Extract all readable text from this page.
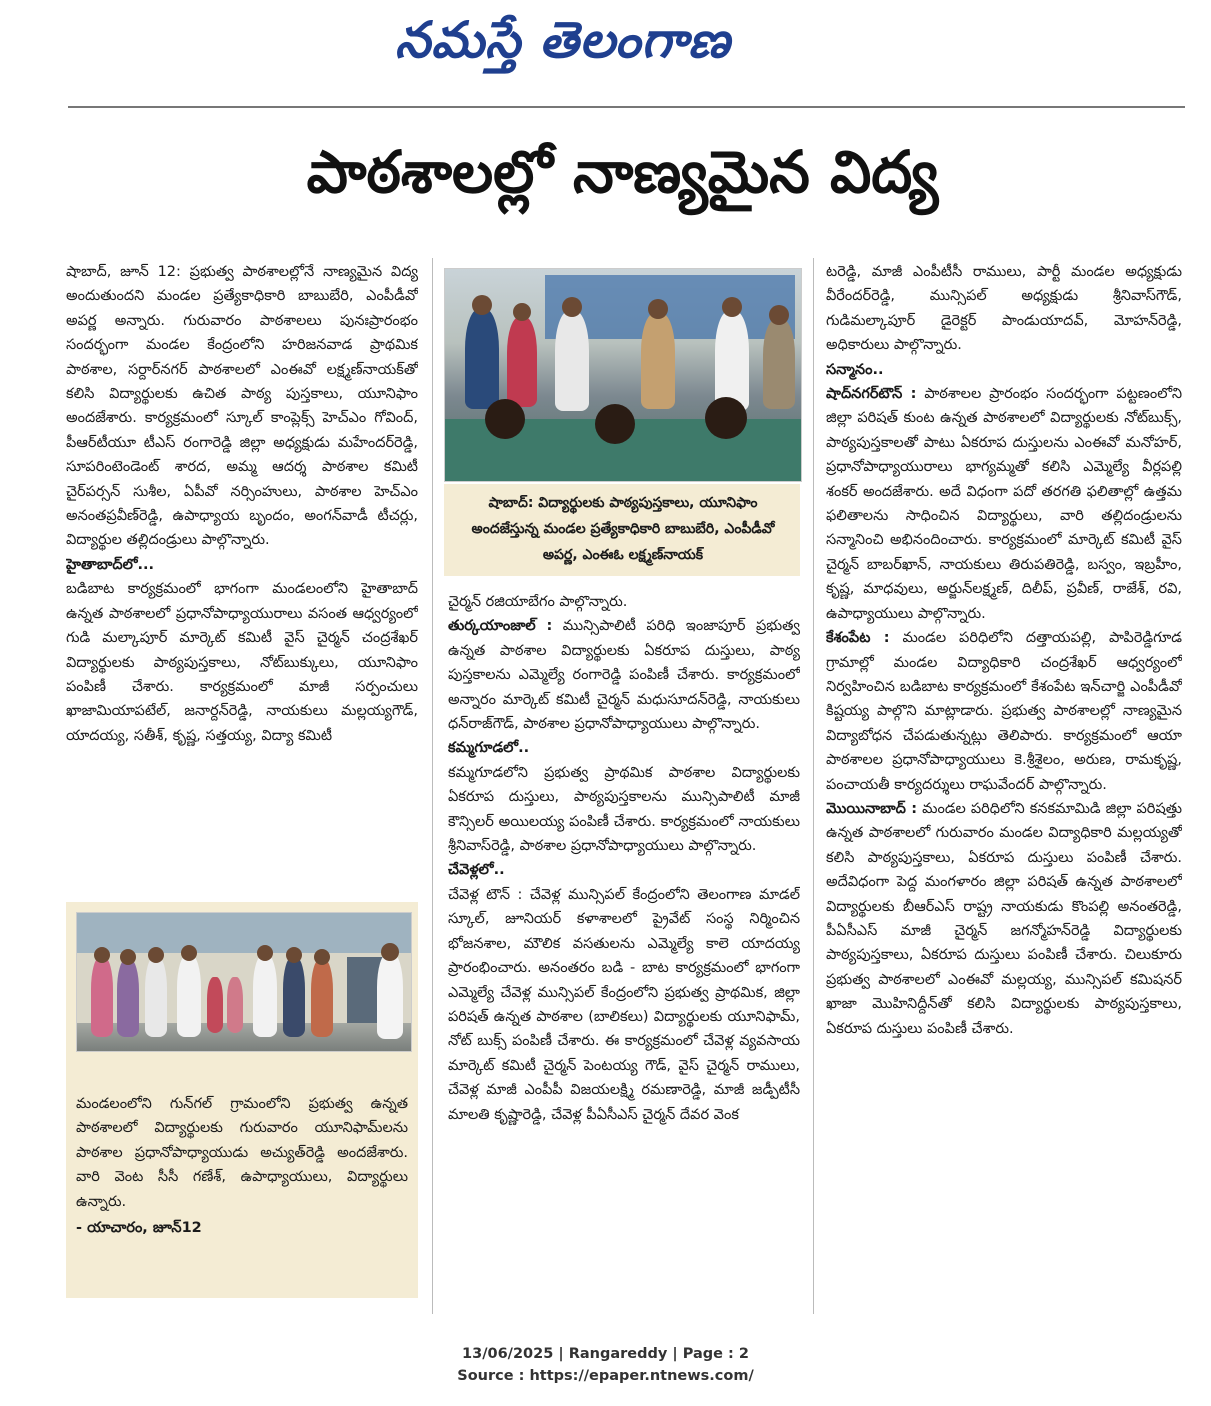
నమస్తే తెలంగాణ
పాఠశాలల్లో నాణ్యమైన విద్య

షాబాద్, జూన్ 12: ప్రభుత్వ పాఠశాలల్లోనే నాణ్యమైన విద్య అందుతుందని మండల ప్రత్యేకాధికారి బాబుబేరి, ఎంపీడీవో అపర్ణ అన్నారు. గురువారం పాఠశాలలు పునఃప్రారంభం సందర్భంగా మండల కేంద్రంలోని హరిజనవాడ ప్రాథమిక పాఠశాల, సర్దార్‌నగర్ పాఠశాలలో ఎంఈవో లక్ష్మణ్‌నాయక్‌తో కలిసి విద్యార్థులకు ఉచిత పాఠ్య పుస్తకాలు, యూనిఫాం అందజేశారు. కార్యక్రమంలో స్కూల్ కాంప్లెక్స్ హెచ్ఎం గోవింద్, పీఆర్‌టీయూ టీఎస్ రంగారెడ్డి జిల్లా అధ్యక్షుడు మహేందర్‌రెడ్డి, సూపరింటెండెంట్ శారద, అమ్మ ఆదర్శ పాఠశాల కమిటీ చైర్‌పర్సన్ సుశీల, ఏపీవో నర్సింహులు, పాఠశాల హెచ్ఎం అనంతప్రవీణ్‌రెడ్డి, ఉపాధ్యాయ బృందం, అంగన్‌వాడీ టీచర్లు, విద్యార్థుల తల్లిదండ్రులు పాల్గొన్నారు.

హైతాబాద్‌లో...

బడిబాట కార్యక్రమంలో భాగంగా మండలంలోని హైతాబాద్ ఉన్నత పాఠశాలలో ప్రధానోపాధ్యాయురాలు వసంత ఆధ్వర్యంలో గుడి మల్కాపూర్ మార్కెట్ కమిటీ వైస్ చైర్మన్ చంద్రశేఖర్ విద్యార్థులకు పాఠ్యపుస్తకాలు, నోట్‌బుక్కులు, యూనిఫాం పంపిణీ చేశారు. కార్యక్రమంలో మాజీ సర్పంచులు ఖాజామియాపటేల్, జనార్దన్‌రెడ్డి, నాయకులు మల్లయ్యగౌడ్, యాదయ్య, సతీశ్, కృష్ణ, సత్తయ్య, విద్యా కమిటీ

షాబాద్: విద్యార్థులకు పాఠ్యపుస్తకాలు, యూనిఫాం అందజేస్తున్న మండల ప్రత్యేకాధికారి బాబుబేరి, ఎంపీడీవో అపర్ణ, ఎంఈఓ లక్ష్మణ్‌నాయక్

చైర్మన్ రజియాబేగం పాల్గొన్నారు.

తుర్కయాంజాల్ : మున్సిపాలిటీ పరిధి ఇంజాపూర్ ప్రభుత్వ ఉన్నత పాఠశాల విద్యార్థులకు ఏకరూప దుస్తులు, పాఠ్య పుస్తకాలను ఎమ్మెల్యే రంగారెడ్డి పంపిణీ చేశారు. కార్యక్రమంలో అన్నారం మార్కెట్ కమిటీ చైర్మన్ మధుసూదన్‌రెడ్డి, నాయకులు ధన్‌రాజ్‌గౌడ్, పాఠశాల ప్రధానోపాధ్యాయులు పాల్గొన్నారు.

కమ్మగూడలో..

కమ్మగూడలోని ప్రభుత్వ ప్రాథమిక పాఠశాల విద్యార్థులకు ఏకరూప దుస్తులు, పాఠ్యపుస్తకాలను మున్సిపాలిటీ మాజీ కౌన్సిలర్ అయిలయ్య పంపిణీ చేశారు. కార్యక్రమంలో నాయకులు శ్రీనివాస్‌రెడ్డి, పాఠశాల ప్రధానోపాధ్యాయులు పాల్గొన్నారు.

చేవెళ్లలో..

చేవెళ్ల టౌన్ : చేవెళ్ల మున్సిపల్ కేంద్రంలోని తెలంగాణ మాడల్ స్కూల్, జూనియర్ కళాశాలలో ప్రైవేట్ సంస్థ నిర్మించిన భోజనశాల, మౌలిక వసతులను ఎమ్మెల్యే కాలె యాదయ్య ప్రారంభించారు. అనంతరం బడి - బాట కార్యక్రమంలో భాగంగా ఎమ్మెల్యే చేవెళ్ల మున్సిపల్ కేంద్రంలోని ప్రభుత్వ ప్రాథమిక, జిల్లా పరిషత్ ఉన్నత పాఠశాల (బాలికలు) విద్యార్థులకు యూనిఫామ్, నోట్ బుక్స్ పంపిణీ చేశారు. ఈ కార్యక్రమంలో చేవెళ్ల వ్యవసాయ మార్కెట్ కమిటీ చైర్మన్ పెంటయ్య గౌడ్, వైస్ చైర్మన్ రాములు, చేవెళ్ల మాజీ ఎంపీపీ విజయలక్ష్మి రమణారెడ్డి, మాజీ జడ్పీటీసీ మాలతి కృష్ణారెడ్డి, చేవెళ్ల పీఏసీఎస్ చైర్మన్ దేవర వెంక

టరెడ్డి, మాజీ ఎంపీటీసీ రాములు, పార్టీ మండల అధ్యక్షుడు వీరేందర్‌రెడ్డి, మున్సిపల్ అధ్యక్షుడు శ్రీనివాస్‌గౌడ్, గుడిమల్కాపూర్ డైరెక్టర్ పాండుయాదవ్, మోహన్‌రెడ్డి, అధికారులు పాల్గొన్నారు.

సన్మానం..

షాద్‌నగర్‌టౌన్ : పాఠశాలల ప్రారంభం సందర్భంగా పట్టణంలోని జిల్లా పరిషత్ కుంట ఉన్నత పాఠశాలలో విద్యార్థులకు నోట్‌బుక్స్, పాఠ్యపుస్తకాలతో పాటు ఏకరూప దుస్తులను ఎంఈవో మనోహర్, ప్రధానోపాధ్యాయురాలు భాగ్యమ్మతో కలిసి ఎమ్మెల్యే వీర్లపల్లి శంకర్ అందజేశారు. అదే విధంగా పదో తరగతి ఫలితాల్లో ఉత్తమ ఫలితాలను సాధించిన విద్యార్థులు, వారి తల్లిదండ్రులను సన్మానించి అభినందించారు. కార్యక్రమంలో మార్కెట్ కమిటీ వైస్ చైర్మన్ బాబర్‌ఖాన్, నాయకులు తిరుపతిరెడ్డి, బస్వం, ఇబ్రహీం, కృష్ణ, మాధవులు, అర్జున్‌లక్ష్మణ్, దిలీప్, ప్రవీణ్, రాజేశ్, రవి, ఉపాధ్యాయులు పాల్గొన్నారు.

కేశంపేట : మండల పరిధిలోని దత్తాయపల్లి, పాపిరెడ్డిగూడ గ్రామాల్లో మండల విద్యాధికారి చంద్రశేఖర్ ఆధ్వర్యంలో నిర్వహించిన బడిబాట కార్యక్రమంలో కేశంపేట ఇన్‌చార్జి ఎంపీడీవో కిష్టయ్య పాల్గొని మాట్లాడారు. ప్రభుత్వ పాఠశాలల్లో నాణ్యమైన విద్యాబోధన చేపడుతున్నట్లు తెలిపారు. కార్యక్రమంలో ఆయా పాఠశాలల ప్రధానోపాధ్యాయులు కె.శ్రీశైలం, అరుణ, రామకృష్ణ, పంచాయతీ కార్యదర్శులు రాఘవేందర్ పాల్గొన్నారు.

మొయినాబాద్ : మండల పరిధిలోని కనకమామిడి జిల్లా పరిషత్తు ఉన్నత పాఠశాలలో గురువారం మండల విద్యాధికారి మల్లయ్యతో కలిసి పాఠ్యపుస్తకాలు, ఏకరూప దుస్తులు పంపిణీ చేశారు. అదేవిధంగా పెద్ద మంగళారం జిల్లా పరిషత్ ఉన్నత పాఠశాలలో విద్యార్థులకు బీఆర్ఎస్ రాష్ట్ర నాయకుడు కొంపల్లి అనంతరెడ్డి, పీఏసీఎస్ మాజీ చైర్మన్ జగన్మోహన్‌రెడ్డి విద్యార్థులకు పాఠ్యపుస్తకాలు, ఏకరూప దుస్తులు పంపిణీ చేశారు. చిలుకూరు ప్రభుత్వ పాఠశాలలో ఎంఈవో మల్లయ్య, మున్సిపల్ కమిషనర్ ఖాజా మొహినిద్దీన్‌తో కలిసి విద్యార్థులకు పాఠ్యపుస్తకాలు, ఏకరూప దుస్తులు పంపిణీ చేశారు.

మండలంలోని గున్‌గల్ గ్రామంలోని ప్రభుత్వ ఉన్నత పాఠశాలలో విద్యార్థులకు గురువారం యూనిఫామ్‌లను పాఠశాల ప్రధానోపాధ్యాయుడు అచ్యుత్‌రెడ్డి అందజేశారు. వారి వెంట సీసీ గణేశ్, ఉపాధ్యాయులు, విద్యార్థులు ఉన్నారు.

- యాచారం, జూన్12

13/06/2025 | Rangareddy | Page : 2
Source : https://epaper.ntnews.com/
